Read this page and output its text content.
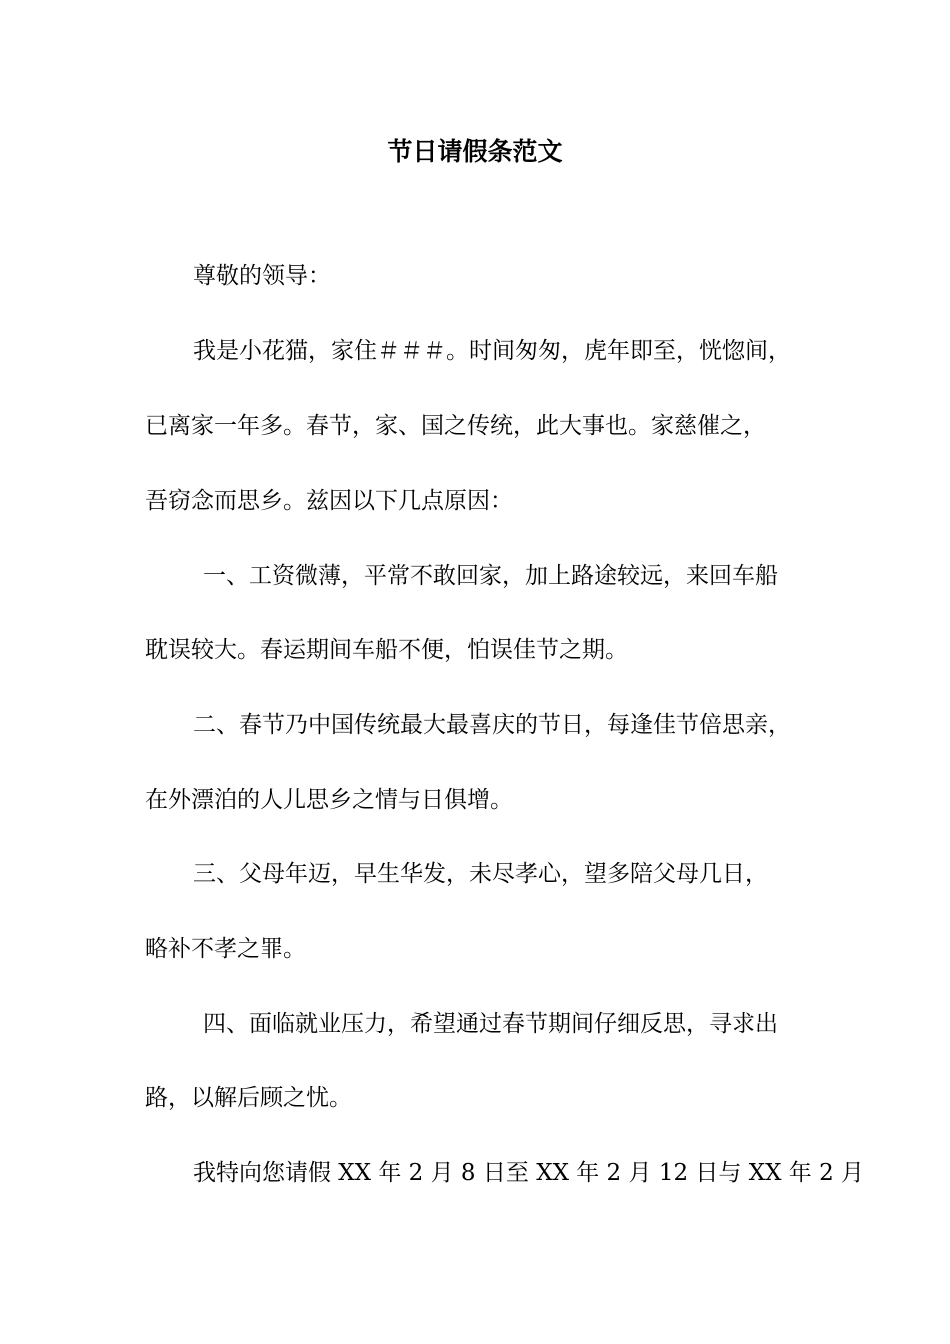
节日请假条范文

尊敬的领导：

我是小花猫，家住＃＃＃。时间匆匆，虎年即至，恍惚间，

已离家一年多。春节，家、国之传统，此大事也。家慈催之，

吾窃念而思乡。兹因以下几点原因：

一、工资微薄，平常不敢回家，加上路途较远，来回车船

耽误较大。春运期间车船不便，怕误佳节之期。

二、春节乃中国传统最大最喜庆的节日，每逢佳节倍思亲，

在外漂泊的人儿思乡之情与日俱增。

三、父母年迈，早生华发，未尽孝心，望多陪父母几日，

略补不孝之罪。

四、面临就业压力，希望通过春节期间仔细反思，寻求出

路，以解后顾之忧。

我特向您请假 XX 年 2 月 8 日至 XX 年 2 月 12 日与 XX 年 2 月
